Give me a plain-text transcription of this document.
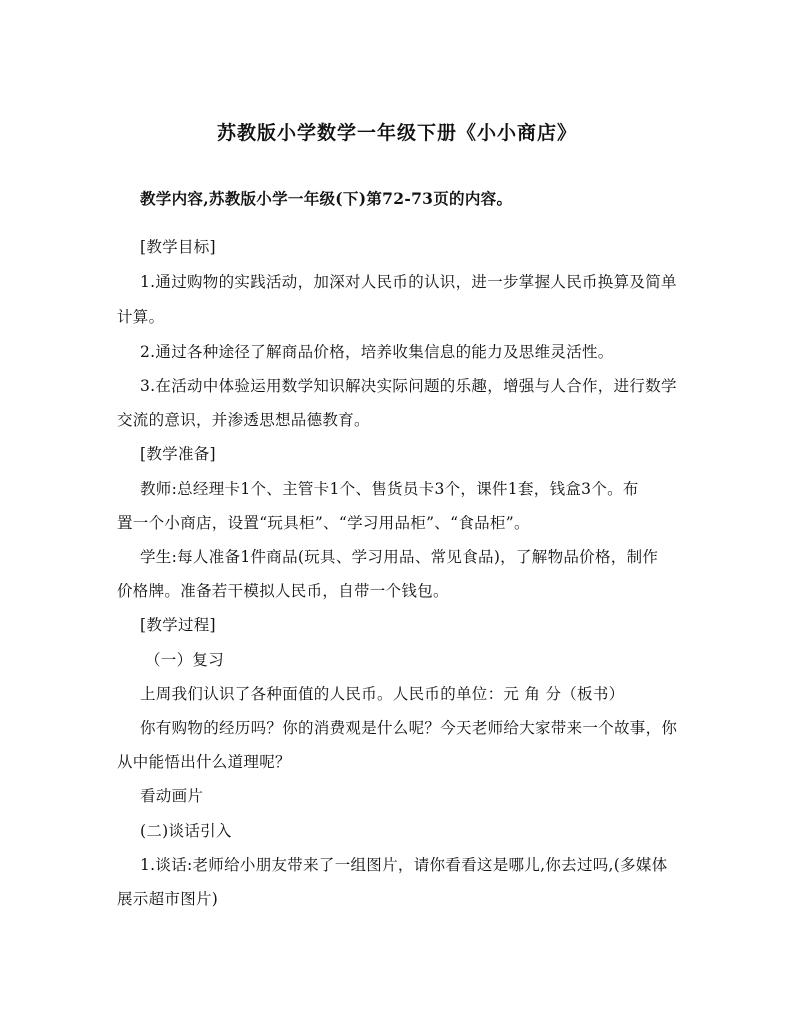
苏教版小学数学一年级下册《小小商店》
教学内容,苏教版小学一年级(下)第72-73页的内容。
[教学目标]
1.通过购物的实践活动，加深对人民币的认识，进一步掌握人民币换算及简单
计算。
2.通过各种途径了解商品价格，培养收集信息的能力及思维灵活性。
3.在活动中体验运用数学知识解决实际问题的乐趣，增强与人合作，进行数学
交流的意识，并渗透思想品德教育。
[教学准备]
教师:总经理卡1个、主管卡1个、售货员卡3个，课件1套，钱盒3个。布
置一个小商店，设置“玩具柜”、“学习用品柜”、“食品柜”。
学生:每人准备1件商品(玩具、学习用品、常见食品)，了解物品价格，制作
价格牌。准备若干模拟人民币，自带一个钱包。
[教学过程]
（一）复习
上周我们认识了各种面值的人民币。人民币的单位：元 角 分（板书）
你有购物的经历吗？你的消费观是什么呢？今天老师给大家带来一个故事，你
从中能悟出什么道理呢？
看动画片
(二)谈话引入
1.谈话:老师给小朋友带来了一组图片，请你看看这是哪儿,你去过吗,(多媒体
展示超市图片)
